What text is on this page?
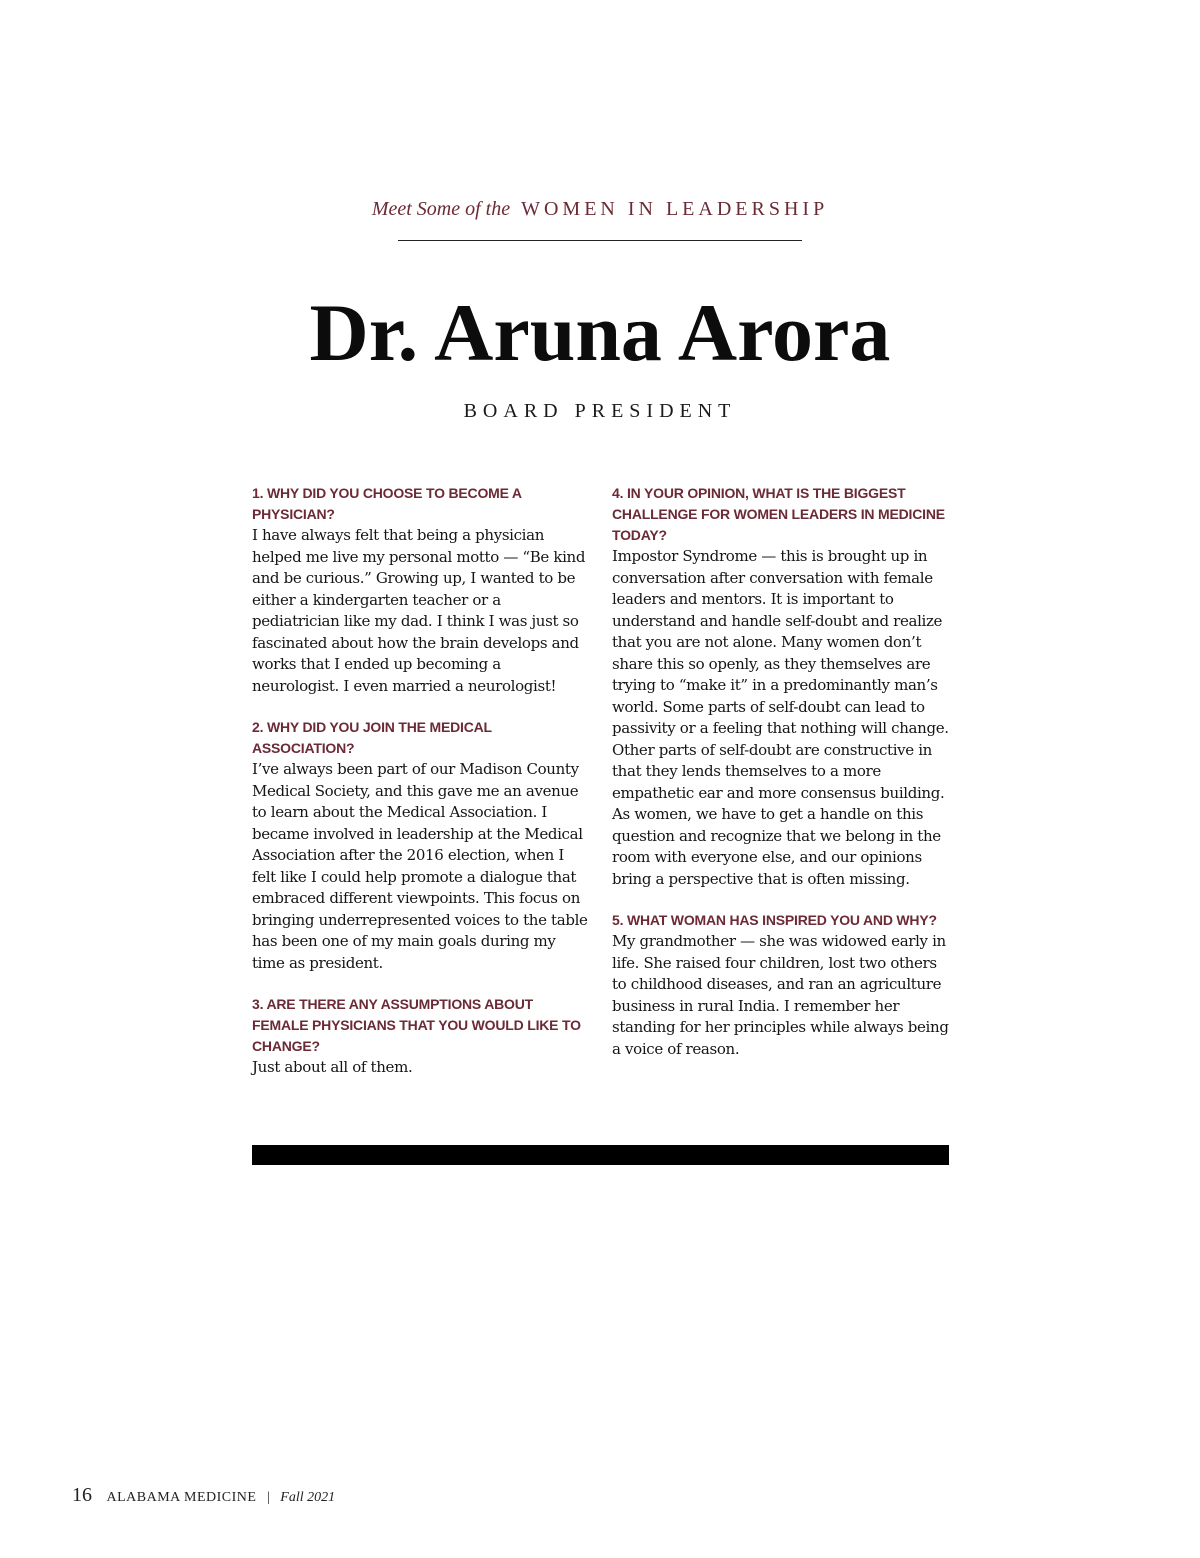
Meet Some of the WOMEN IN LEADERSHIP
Dr. Aruna Arora
BOARD PRESIDENT

1. WHY DID YOU CHOOSE TO BECOME A PHYSICIAN?

I have always felt that being a physician helped me live my personal motto — “Be kind and be curious.” Growing up, I wanted to be either a kindergarten teacher or a pediatrician like my dad. I think I was just so fascinated about how the brain develops and works that I ended up becoming a neurologist. I even married a neurologist!

2. WHY DID YOU JOIN THE MEDICAL ASSOCIATION?

I’ve always been part of our Madison County Medical Society, and this gave me an avenue to learn about the Medical Association. I became involved in leadership at the Medical Association after the 2016 election, when I felt like I could help promote a dialogue that embraced different viewpoints. This focus on bringing underrepresented voices to the table has been one of my main goals during my time as president.

3. ARE THERE ANY ASSUMPTIONS ABOUT FEMALE PHYSICIANS THAT YOU WOULD LIKE TO CHANGE?

Just about all of them.

4. IN YOUR OPINION, WHAT IS THE BIGGEST CHALLENGE FOR WOMEN LEADERS IN MEDICINE TODAY?

Impostor Syndrome — this is brought up in conversation after conversation with female leaders and mentors. It is important to understand and handle self-doubt and realize that you are not alone. Many women don’t share this so openly, as they themselves are trying to “make it” in a predominantly man’s world. Some parts of self-doubt can lead to passivity or a feeling that nothing will change. Other parts of self-doubt are constructive in that they lends themselves to a more empathetic ear and more consensus building. As women, we have to get a handle on this question and recognize that we belong in the room with everyone else, and our opinions bring a perspective that is often missing.

5. WHAT WOMAN HAS INSPIRED YOU AND WHY?

My grandmother — she was widowed early in life. She raised four children, lost two others to childhood diseases, and ran an agriculture business in rural India. I remember her standing for her principles while always being a voice of reason.

16 ALABAMA MEDICINE | Fall 2021
